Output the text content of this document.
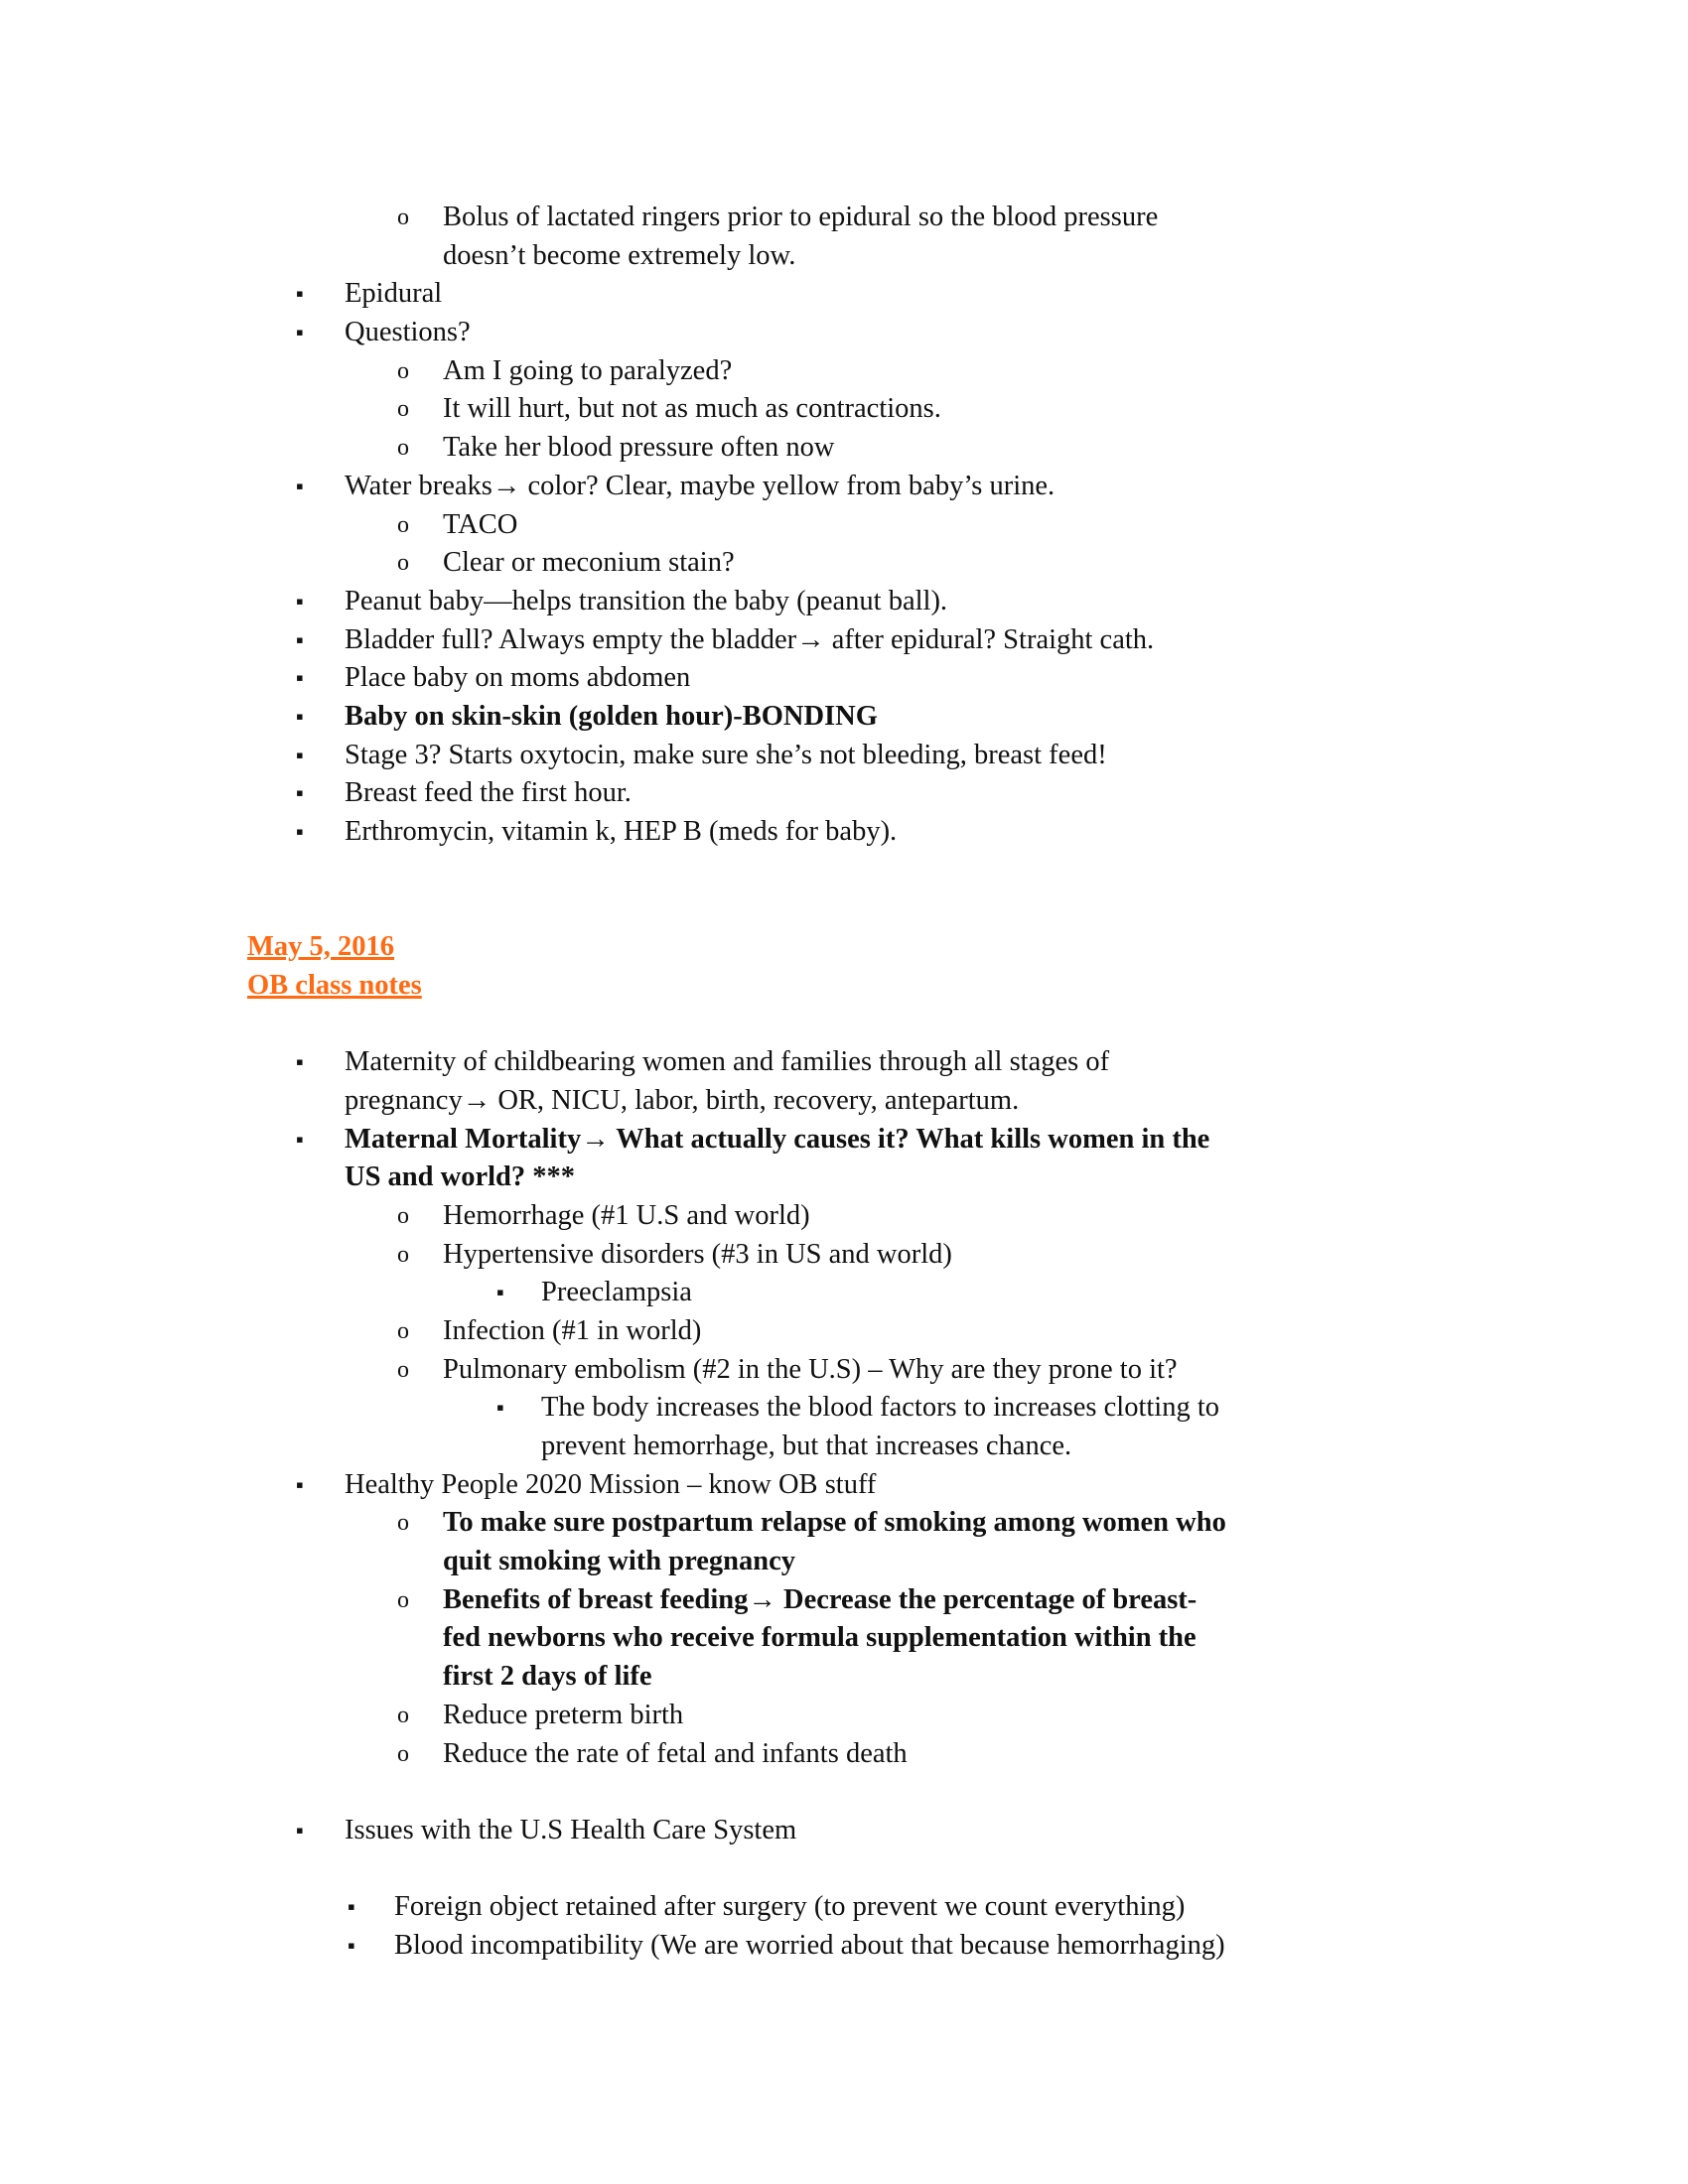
o Bolus of lactated ringers prior to epidural so the blood pressure
doesn’t become extremely low.
▪ Epidural
▪ Questions?
o Am I going to paralyzed?
o It will hurt, but not as much as contractions.
o Take her blood pressure often now
▪ Water breaks→ color? Clear, maybe yellow from baby’s urine.
o TACO
o Clear or meconium stain?
▪ Peanut baby—helps transition the baby (peanut ball).
▪ Bladder full? Always empty the bladder→ after epidural? Straight cath.
▪ Place baby on moms abdomen
▪ Baby on skin-skin (golden hour)-BONDING
▪ Stage 3? Starts oxytocin, make sure she’s not bleeding, breast feed!
▪ Breast feed the first hour.
▪ Erthromycin, vitamin k, HEP B (meds for baby).
May 5, 2016
OB class notes
▪ Maternity of childbearing women and families through all stages of
pregnancy→ OR, NICU, labor, birth, recovery, antepartum.
▪ Maternal Mortality→ What actually causes it? What kills women in the
US and world? ***
o Hemorrhage (#1 U.S and world)
o Hypertensive disorders (#3 in US and world)
▪ Preeclampsia
o Infection (#1 in world)
o Pulmonary embolism (#2 in the U.S) – Why are they prone to it?
▪ The body increases the blood factors to increases clotting to
prevent hemorrhage, but that increases chance.
▪ Healthy People 2020 Mission – know OB stuff
o To make sure postpartum relapse of smoking among women who
quit smoking with pregnancy
o Benefits of breast feeding→ Decrease the percentage of breast-
fed newborns who receive formula supplementation within the
first 2 days of life
o Reduce preterm birth
o Reduce the rate of fetal and infants death
▪ Issues with the U.S Health Care System
▪ Foreign object retained after surgery (to prevent we count everything)
▪ Blood incompatibility (We are worried about that because hemorrhaging)
